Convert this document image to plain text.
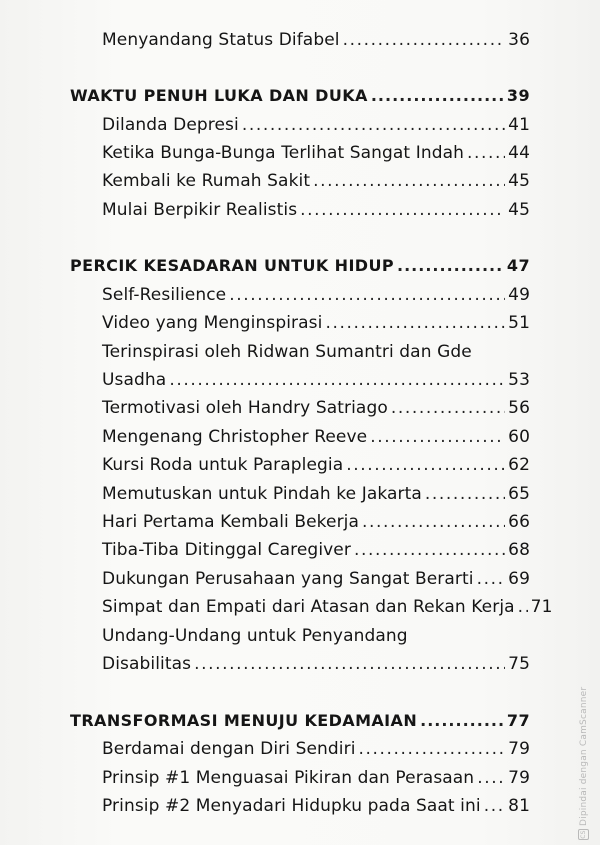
Menyandang Status Difabel .....	36
WAKTU PENUH LUKA DAN DUKA .....	39
Dilanda Depresi .....	41
Ketika Bunga-Bunga Terlihat Sangat Indah .....	44
Kembali ke Rumah Sakit .....	45
Mulai Berpikir Realistis .....	45
PERCIK KESADARAN UNTUK HIDUP .....	47
Self-Resilience .....	49
Video yang Menginspirasi .....	51
Terinspirasi oleh Ridwan Sumantri dan Gde
Usadha .....	53
Termotivasi oleh Handry Satriago .....	56
Mengenang Christopher Reeve .....	60
Kursi Roda untuk Paraplegia .....	62
Memutuskan untuk Pindah ke Jakarta .....	65
Hari Pertama Kembali Bekerja .....	66
Tiba-Tiba Ditinggal Caregiver .....	68
Dukungan Perusahaan yang Sangat Berarti ..... 69
Simpat dan Empati dari Atasan dan Rekan Kerja ..... 71
Undang-Undang untuk Penyandang
Disabilitas .....	75
TRANSFORMASI MENUJU KEDAMAIAN .....	77
Berdamai dengan Diri Sendiri .....	79
Prinsip #1 Menguasai Pikiran dan Perasaan ..... 79
Prinsip #2 Menyadari Hidupku pada Saat ini ..... 81
CSDipindai dengan CamScanner
